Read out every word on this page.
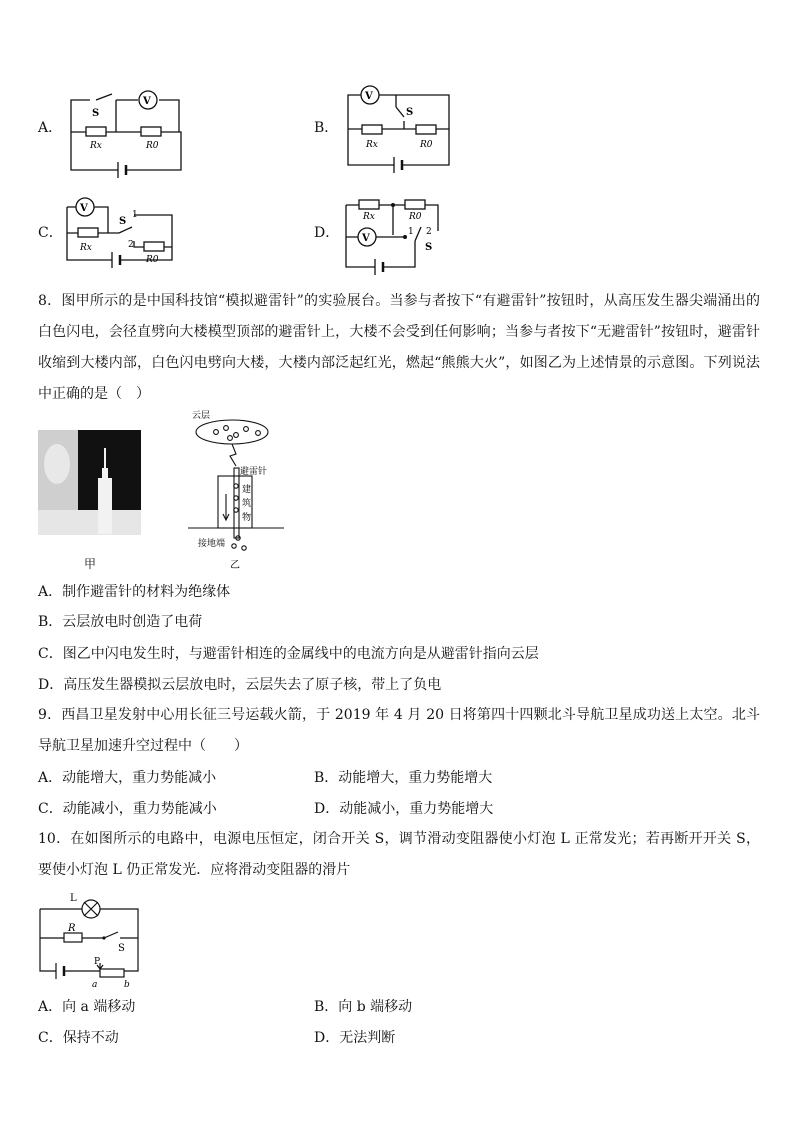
A．
S
V
Rx	R0
B．
V
S
Rx	R0
C．
V
S
1
2
Rx
R0
D． V
1 2
S
Rx	R0
8．图甲所示的是中国科技馆“模拟避雷针”的实验展台。当参与者按下“有避雷针”按钮时，从高压发生器尖端涌出的白色闪电，会径直劈向大楼模型顶部的避雷针上，大楼不会受到任何影响；当参与者按下“无避雷针”按钮时，避雷针收缩到大楼内部，白色闪电劈向大楼，大楼内部泛起红光，燃起“熊熊大火”，如图乙为上述情景的示意图。下列说法中正确的是（　）
甲
云层
避雷针
建
筑
物
接地端
乙
A．制作避雷针的材料为绝缘体
B．云层放电时创造了电荷
C．图乙中闪电发生时，与避雷针相连的金属线中的电流方向是从避雷针指向云层
D．高压发生器模拟云层放电时，云层失去了原子核，带上了负电
9．西昌卫星发射中心用长征三号运载火箭，于 2019 年 4 月 20 日将第四十四颗北斗导航卫星成功送上太空。北斗导航卫星加速升空过程中（　　）
A．动能增大，重力势能减小	B．动能增大，重力势能增大
C．动能减小，重力势能减小	D．动能减小，重力势能增大
10．在如图所示的电路中，电源电压恒定，闭合开关 S，调节滑动变阻器使小灯泡 L 正常发光；若再断开开关 S，要使小灯泡 L 仍正常发光．应将滑动变阻器的滑片
L
R
S
P
a	b
A．向 a 端移动	B．向 b 端移动
C．保持不动	D．无法判断
